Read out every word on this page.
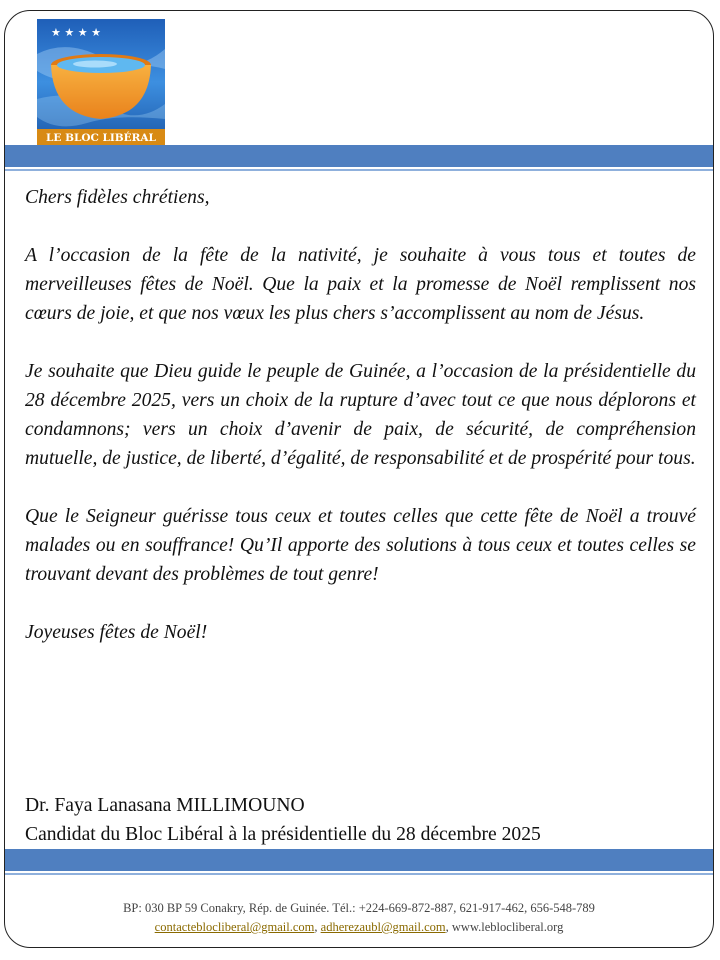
★ ★ ★ ★
LE BLOC LIBÉRAL

Chers fidèles chrétiens,

A l’occasion de la fête de la nativité, je souhaite à vous tous et toutes de merveilleuses fêtes de Noël. Que la paix et la promesse de Noël remplissent nos cœurs de joie, et que nos vœux les plus chers s’accomplissent au nom de Jésus.

Je souhaite que Dieu guide le peuple de Guinée, a l’occasion de la présidentielle du 28 décembre 2025, vers un choix de la rupture d’avec tout ce que nous déplorons et condamnons; vers un choix d’avenir de paix, de sécurité, de compréhension mutuelle, de justice, de liberté, d’égalité, de responsabilité et de prospérité pour tous.

Que le Seigneur guérisse tous ceux et toutes celles que cette fête de Noël a trouvé malades ou en souffrance! Qu’Il apporte des solutions à tous ceux et toutes celles se trouvant devant des problèmes de tout genre!

Joyeuses fêtes de Noël!

Dr. Faya Lanasana MILLIMOUNO
Candidat du Bloc Libéral à la présidentielle du 28 décembre 2025
BP: 030 BP 59 Conakry, Rép. de Guinée. Tél.: +224-669-872-887, 621-917-462, 656-548-789
contacteblocliberal@gmail.com, adherezaubl@gmail.com, www.leblocliberal.org
